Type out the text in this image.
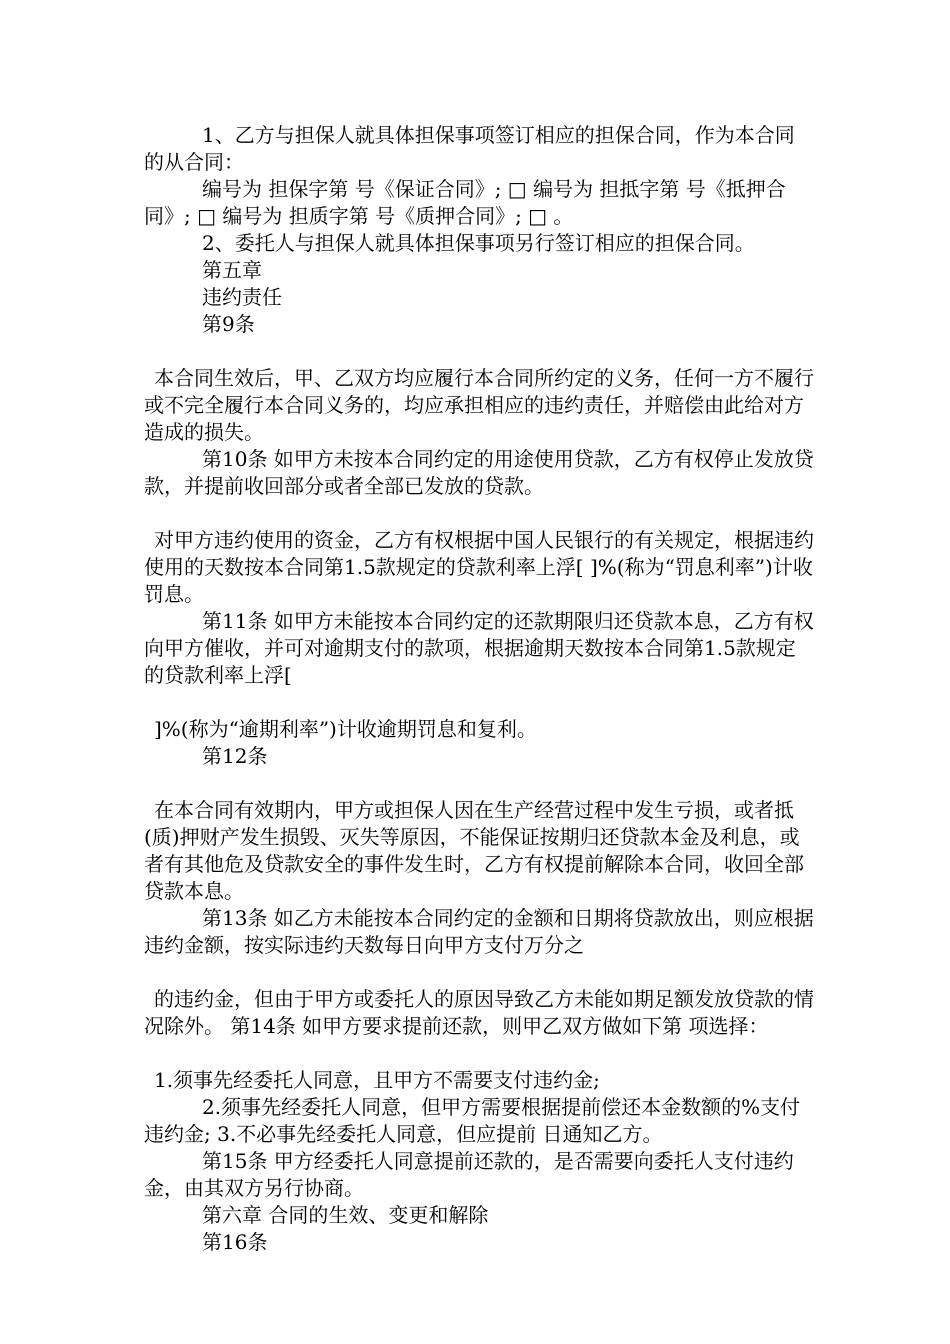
1、乙方与担保人就具体担保事项签订相应的担保合同，作为本合同的从合同：

编号为 担保字第 号《保证合同》; □ 编号为 担抵字第 号《抵押合同》; □ 编号为 担质字第 号《质押合同》; □ 。

2、委托人与担保人就具体担保事项另行签订相应的担保合同。

第五章

违约责任

第9条

本合同生效后，甲、乙双方均应履行本合同所约定的义务，任何一方不履行或不完全履行本合同义务的，均应承担相应的违约责任，并赔偿由此给对方造成的损失。

第10条 如甲方未按本合同约定的用途使用贷款，乙方有权停止发放贷款，并提前收回部分或者全部已发放的贷款。

对甲方违约使用的资金，乙方有权根据中国人民银行的有关规定，根据违约使用的天数按本合同第1.5款规定的贷款利率上浮[ ]%(称为“罚息利率”)计收罚息。

第11条 如甲方未能按本合同约定的还款期限归还贷款本息，乙方有权向甲方催收，并可对逾期支付的款项，根据逾期天数按本合同第1.5款规定的贷款利率上浮[

]%(称为“逾期利率”)计收逾期罚息和复利。

第12条

在本合同有效期内，甲方或担保人因在生产经营过程中发生亏损，或者抵(质)押财产发生损毁、灭失等原因，不能保证按期归还贷款本金及利息，或者有其他危及贷款安全的事件发生时，乙方有权提前解除本合同，收回全部贷款本息。

第13条 如乙方未能按本合同约定的金额和日期将贷款放出，则应根据违约金额，按实际违约天数每日向甲方支付万分之

的违约金，但由于甲方或委托人的原因导致乙方未能如期足额发放贷款的情况除外。 第14条 如甲方要求提前还款，则甲乙双方做如下第 项选择：

1.须事先经委托人同意，且甲方不需要支付违约金;

2.须事先经委托人同意，但甲方需要根据提前偿还本金数额的%支付违约金; 3.不必事先经委托人同意，但应提前 日通知乙方。

第15条 甲方经委托人同意提前还款的，是否需要向委托人支付违约金，由其双方另行协商。

第六章 合同的生效、变更和解除

第16条
